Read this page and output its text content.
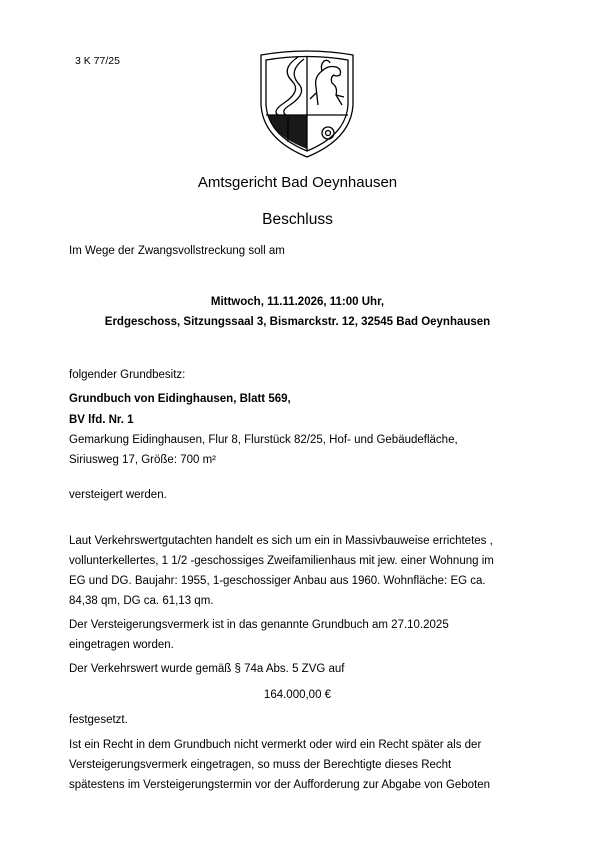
3 K 77/25
Amtsgericht Bad Oeynhausen
Beschluss
Im Wege der Zwangsvollstreckung soll am
Mittwoch, 11.11.2026, 11:00 Uhr,
Erdgeschoss, Sitzungssaal 3, Bismarckstr. 12, 32545 Bad Oeynhausen
folgender Grundbesitz:
Grundbuch von Eidinghausen, Blatt 569,
BV lfd. Nr. 1
Gemarkung Eidinghausen, Flur 8, Flurstück 82/25, Hof- und Gebäudefläche,
Siriusweg 17, Größe: 700 m²
versteigert werden.
Laut Verkehrswertgutachten handelt es sich um ein in Massivbauweise errichtetes ,
vollunterkellertes, 1 1/2 -geschossiges Zweifamilienhaus mit jew. einer Wohnung im
EG und DG. Baujahr: 1955, 1-geschossiger Anbau aus 1960. Wohnfläche: EG ca.
84,38 qm, DG ca. 61,13 qm.
Der Versteigerungsvermerk ist in das genannte Grundbuch am 27.10.2025
eingetragen worden.
Der Verkehrswert wurde gemäß § 74a Abs. 5 ZVG auf
164.000,00 €
festgesetzt.
Ist ein Recht in dem Grundbuch nicht vermerkt oder wird ein Recht später als der
Versteigerungsvermerk eingetragen, so muss der Berechtigte dieses Recht
spätestens im Versteigerungstermin vor der Aufforderung zur Abgabe von Geboten
